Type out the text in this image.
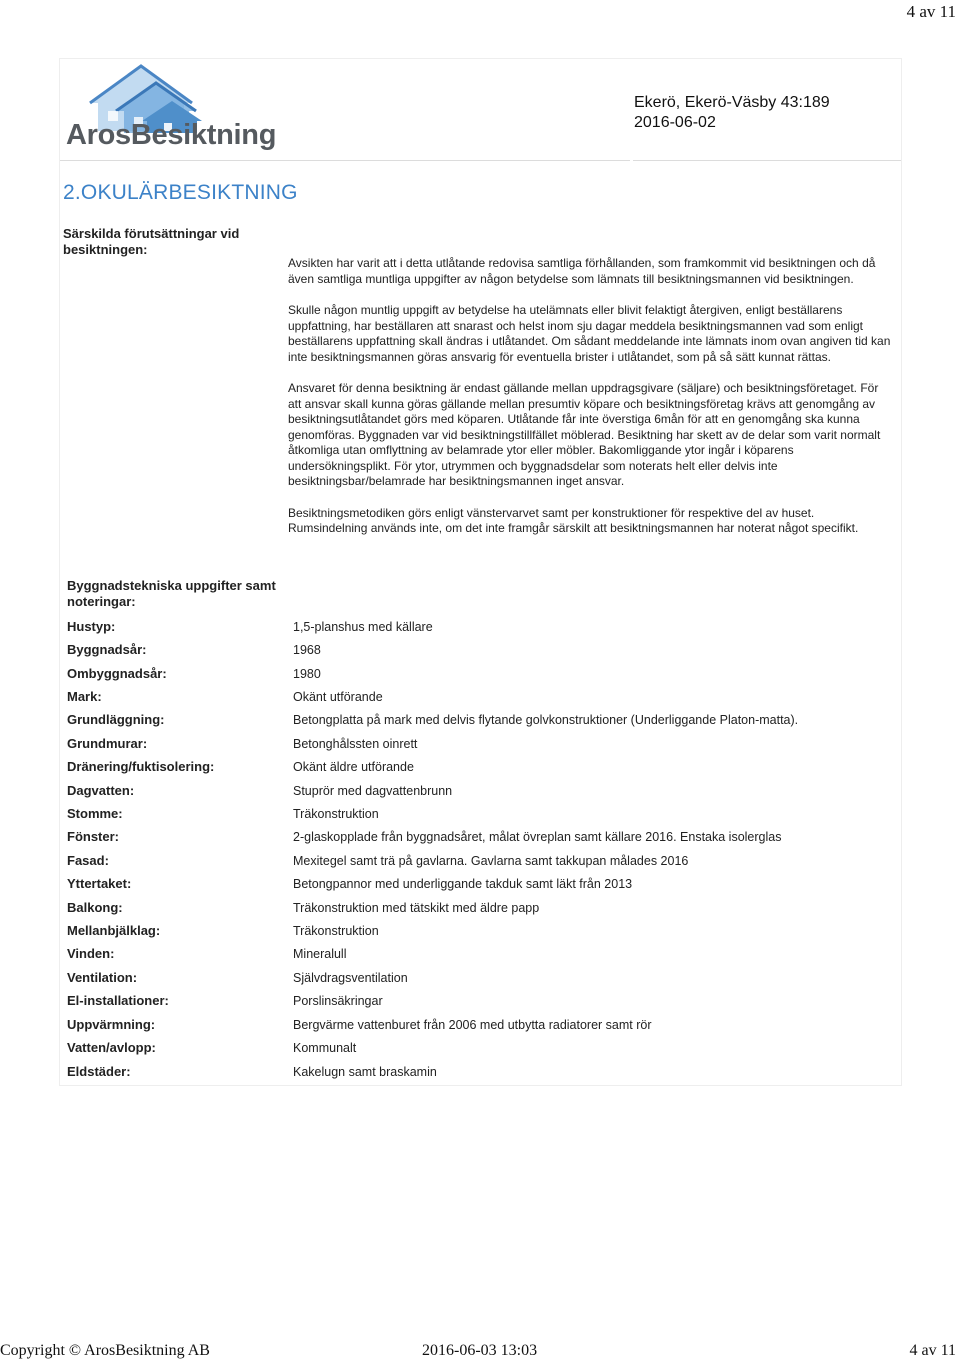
4 av 11
ArosBesiktning
Ekerö, Ekerö-Väsby 43:189
2016-06-02
2.OKULÄRBESIKTNING
Särskilda förutsättningar vid besiktningen:

Avsikten har varit att i detta utlåtande redovisa samtliga förhållanden, som framkommit vid besiktningen och då även samtliga muntliga uppgifter av någon betydelse som lämnats till besiktningsmannen vid besiktningen.

Skulle någon muntlig uppgift av betydelse ha utelämnats eller blivit felaktigt återgiven, enligt beställarens uppfattning, har beställaren att snarast och helst inom sju dagar meddela besiktningsmannen vad som enligt beställarens uppfattning skall ändras i utlåtandet. Om sådant meddelande inte lämnats inom ovan angiven tid kan inte besiktningsmannen göras ansvarig för eventuella brister i utlåtandet, som på så sätt kunnat rättas.

Ansvaret för denna besiktning är endast gällande mellan uppdragsgivare (säljare) och besiktningsföretaget. För att ansvar skall kunna göras gällande mellan presumtiv köpare och besiktningsföretag krävs att genomgång av besiktningsutlåtandet görs med köparen. Utlåtande får inte överstiga 6mån för att en genomgång ska kunna genomföras. Byggnaden var vid besiktningstillfället möblerad. Besiktning har skett av de delar som varit normalt åtkomliga utan omflyttning av belamrade ytor eller möbler. Bakomliggande ytor ingår i köparens undersökningsplikt. För ytor, utrymmen och byggnadsdelar som noterats helt eller delvis inte besiktningsbar/belamrade har besiktningsmannen inget ansvar.

Besiktningsmetodiken görs enligt vänstervarvet samt per konstruktioner för respektive del av huset. Rumsindelning används inte, om det inte framgår särskilt att besiktningsmannen har noterat något specifikt.

Byggnadstekniska uppgifter samt noteringar:
Hustyp:	1,5-planshus med källare
Byggnadsår:	1968
Ombyggnadsår:	1980
Mark:	Okänt utförande
Grundläggning:	Betongplatta på mark med delvis flytande golvkonstruktioner (Underliggande Platon-matta).
Grundmurar:	Betonghålssten oinrett
Dränering/fuktisolering:	Okänt äldre utförande
Dagvatten:	Stuprör med dagvattenbrunn
Stomme:	Träkonstruktion
Fönster:	2-glaskopplade från byggnadsåret, målat övreplan samt källare 2016. Enstaka isolerglas
Fasad:	Mexitegel samt trä på gavlarna. Gavlarna samt takkupan målades 2016
Yttertaket:	Betongpannor med underliggande takduk samt läkt från 2013
Balkong:	Träkonstruktion med tätskikt med äldre papp
Mellanbjälklag:	Träkonstruktion
Vinden:	Mineralull
Ventilation:	Självdragsventilation
El-installationer:	Porslinsäkringar
Uppvärmning:	Bergvärme vattenburet från 2006 med utbytta radiatorer samt rör
Vatten/avlopp:	Kommunalt
Eldstäder:	Kakelugn samt braskamin
Copyright © ArosBesiktning AB	2016-06-03 13:03	4 av 11
